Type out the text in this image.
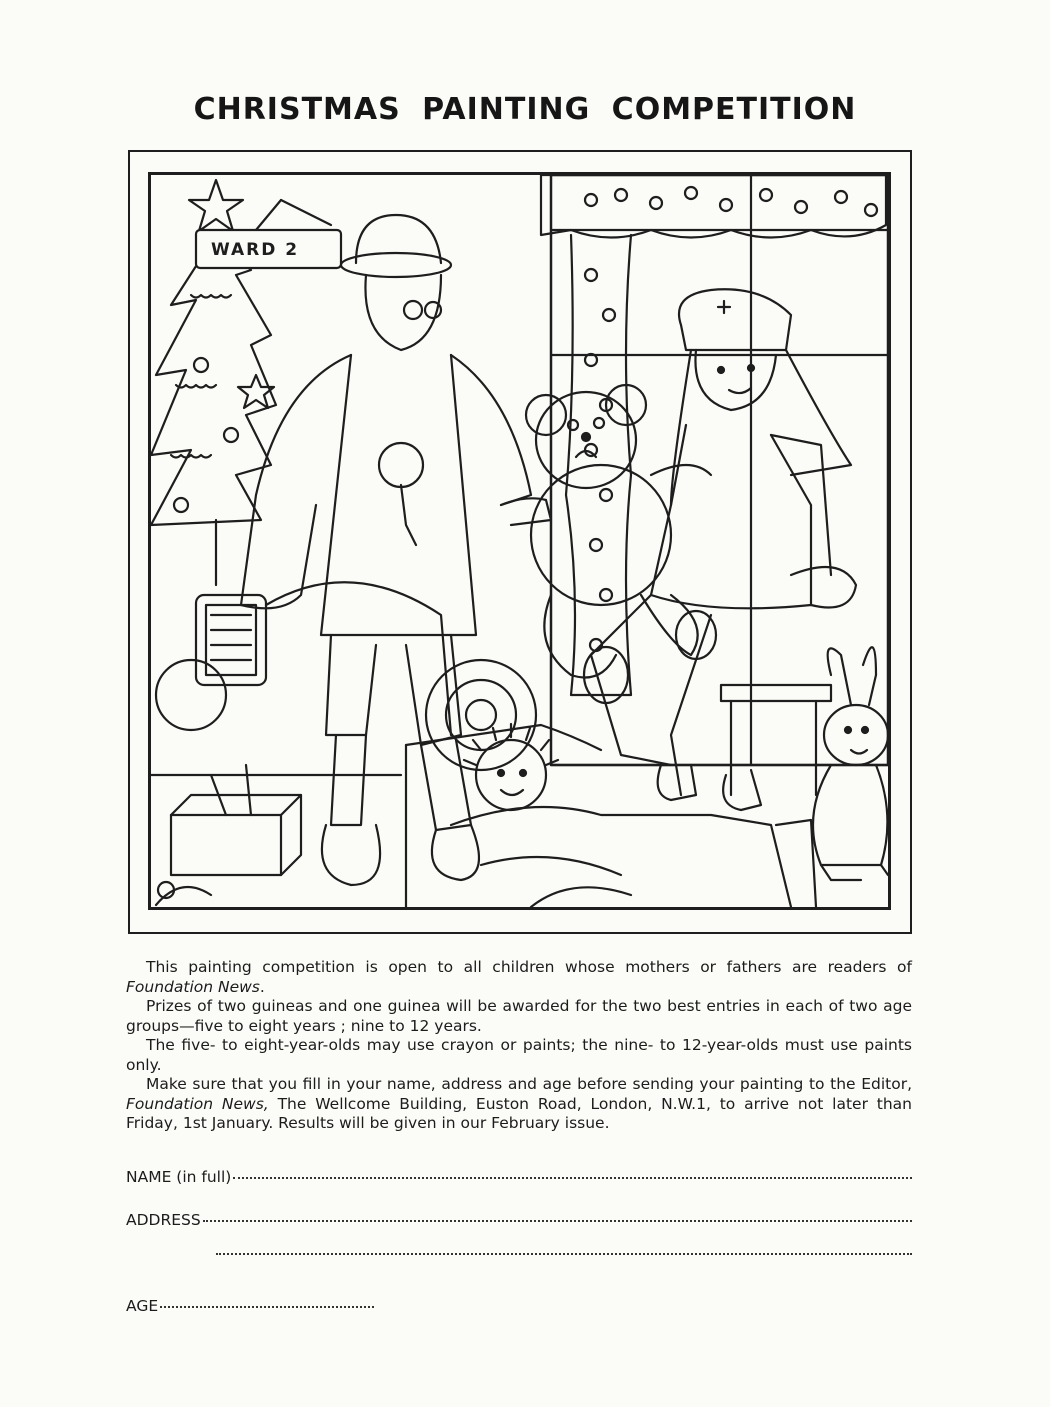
CHRISTMAS PAINTING COMPETITION
WARD 2

This painting competition is open to all children whose mothers or fathers are readers of Foundation News.

Prizes of two guineas and one guinea will be awarded for the two best entries in each of two age groups—five to eight years ; nine to 12 years.

The five- to eight-year-olds may use crayon or paints; the nine- to 12-year-olds must use paints only.

Make sure that you fill in your name, address and age before sending your painting to the Editor, Foundation News, The Wellcome Building, Euston Road, London, N.W.1, to arrive not later than Friday, 1st January. Results will be given in our February issue.

NAME (in full)
ADDRESS
AGE
